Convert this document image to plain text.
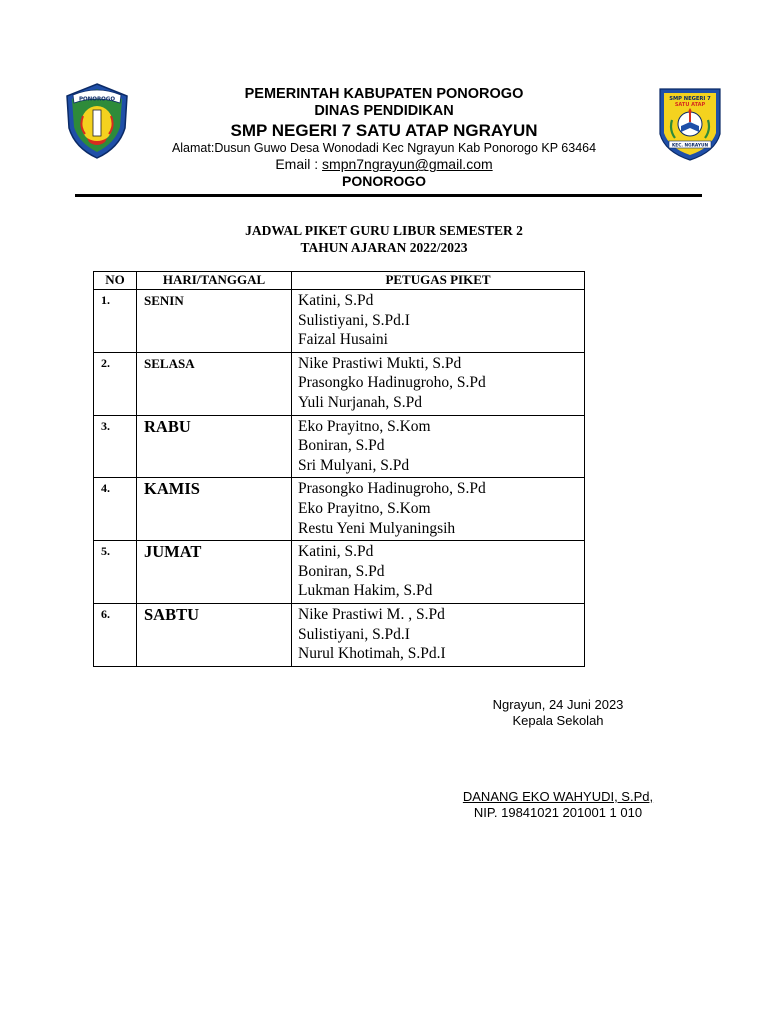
PONOROGO	PEMERINTAH KABUPATEN PONOROGO
DINAS PENDIDIKAN
SMP NEGERI 7 SATU ATAP NGRAYUN
Alamat:Dusun Guwo Desa Wonodadi Kec Ngrayun Kab Ponorogo KP 63464
Email : smpn7ngrayun@gmail.com
PONOROGO
SMP NEGERI 7
SATU ATAP
KEC. NGRAYUN
JADWAL PIKET GURU LIBUR SEMESTER 2
TAHUN AJARAN 2022/2023
NO	HARI/TANGGAL	PETUGAS PIKET
1.	SENIN	Katini, S.Pd
Sulistiyani, S.Pd.I
Faizal Husaini

2.	SELASA	Nike Prastiwi Mukti, S.Pd
Prasongko Hadinugroho, S.Pd
Yuli Nurjanah, S.Pd

3.	RABU	Eko Prayitno, S.Kom
Boniran, S.Pd
Sri Mulyani, S.Pd

4.	KAMIS	Prasongko Hadinugroho, S.Pd
Eko Prayitno, S.Kom
Restu Yeni Mulyaningsih

5.	JUMAT	Katini, S.Pd
Boniran, S.Pd
Lukman Hakim, S.Pd

6.	SABTU	Nike Prastiwi M. , S.Pd
Sulistiyani, S.Pd.I
Nurul Khotimah, S.Pd.I
Ngrayun, 24 Juni 2023
Kepala Sekolah
DANANG EKO WAHYUDI, S.Pd,
NIP. 19841021 201001 1 010
